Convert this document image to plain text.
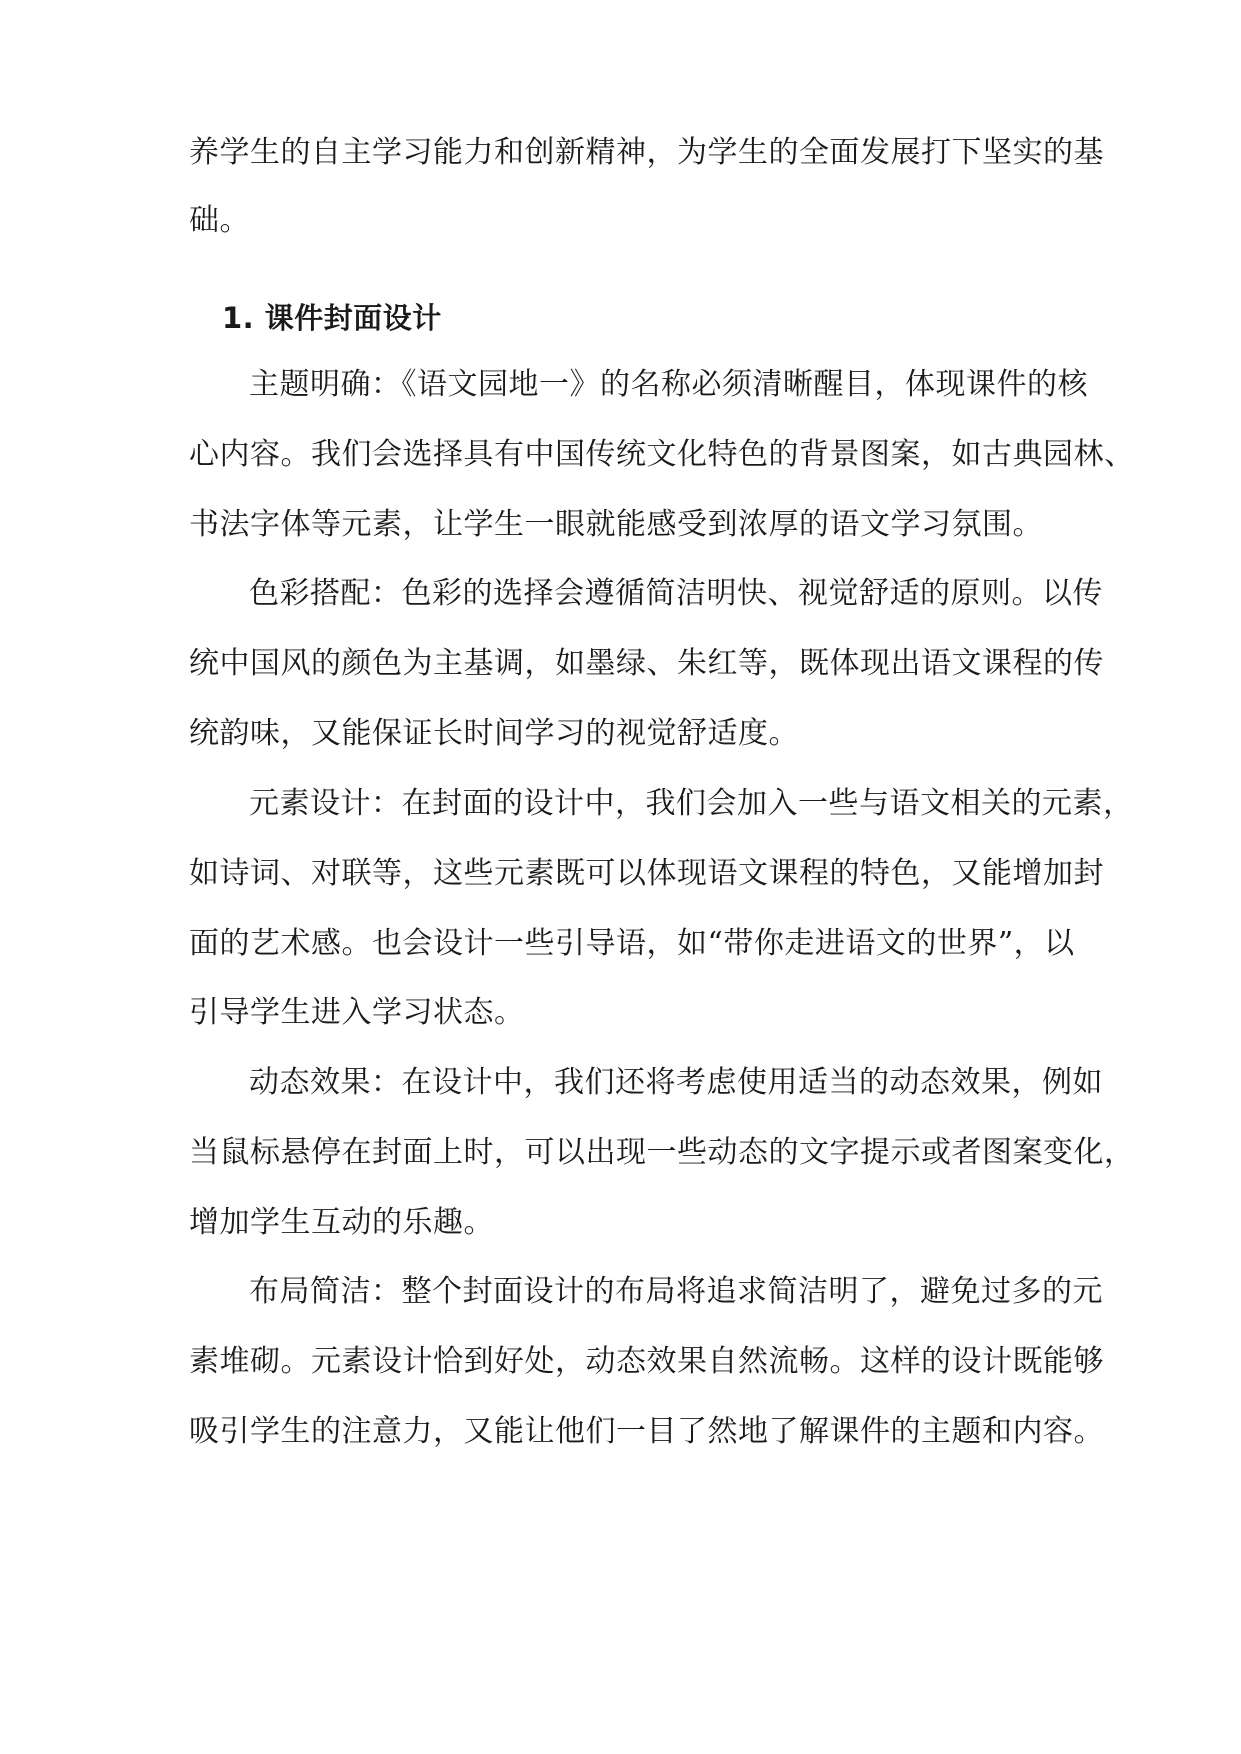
养学生的自主学习能力和创新精神，为学生的全面发展打下坚实的基
础。
1. 课件封面设计
主题明确：《语文园地一》的名称必须清晰醒目，体现课件的核
心内容。我们会选择具有中国传统文化特色的背景图案，如古典园林、
书法字体等元素，让学生一眼就能感受到浓厚的语文学习氛围。
色彩搭配：色彩的选择会遵循简洁明快、视觉舒适的原则。以传
统中国风的颜色为主基调，如墨绿、朱红等，既体现出语文课程的传
统韵味，又能保证长时间学习的视觉舒适度。
元素设计：在封面的设计中，我们会加入一些与语文相关的元素，
如诗词、对联等，这些元素既可以体现语文课程的特色，又能增加封
面的艺术感。也会设计一些引导语，如“带你走进语文的世界”，以
引导学生进入学习状态。
动态效果：在设计中，我们还将考虑使用适当的动态效果，例如
当鼠标悬停在封面上时，可以出现一些动态的文字提示或者图案变化，
增加学生互动的乐趣。
布局简洁：整个封面设计的布局将追求简洁明了，避免过多的元
素堆砌。元素设计恰到好处，动态效果自然流畅。这样的设计既能够
吸引学生的注意力，又能让他们一目了然地了解课件的主题和内容。
